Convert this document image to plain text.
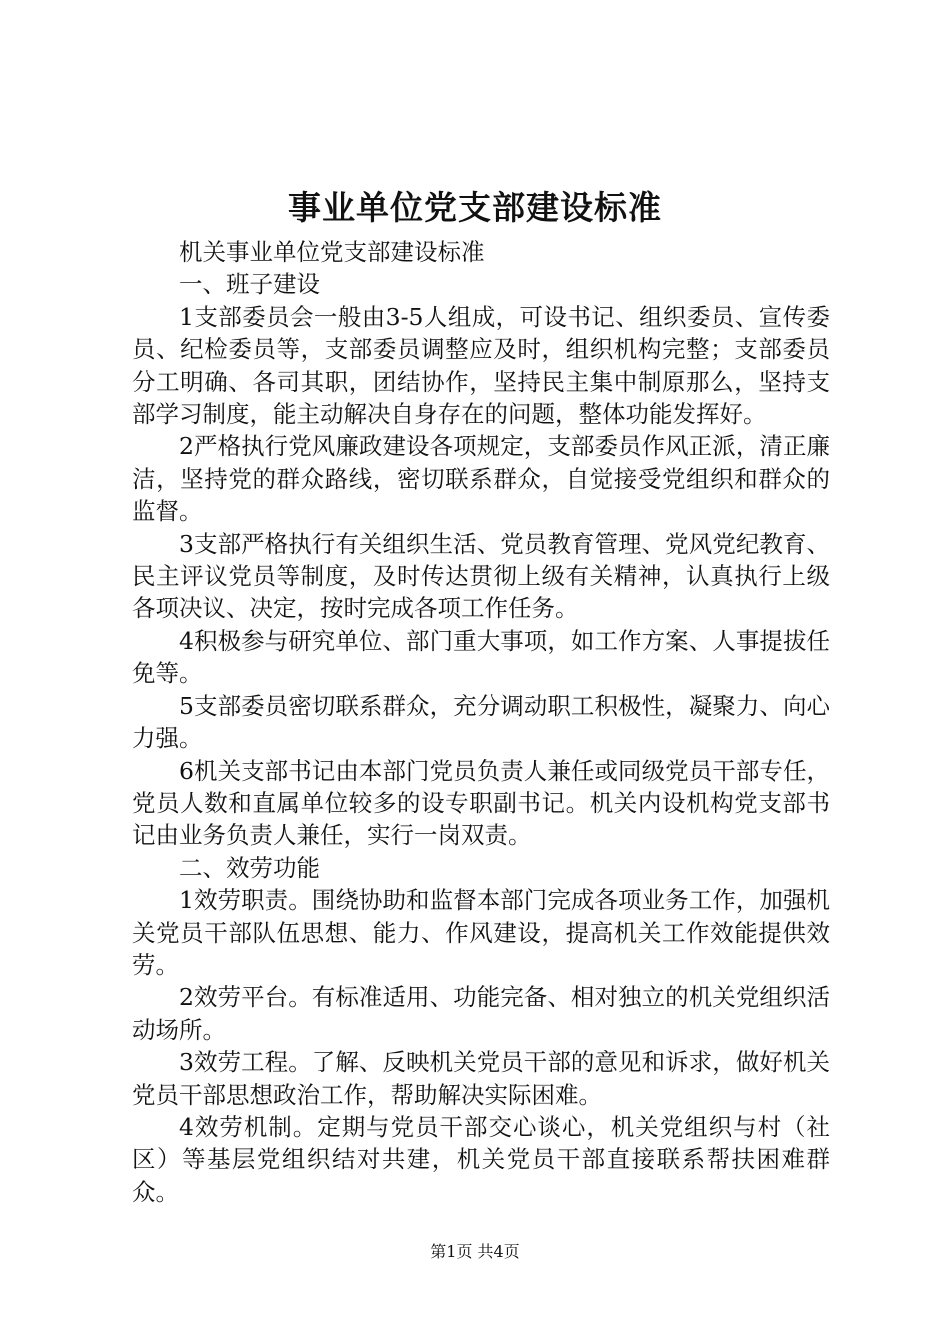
事业单位党支部建设标准

机关事业单位党支部建设标准

一、班子建设

1支部委员会一般由3-5人组成，可设书记、组织委员、宣传委员、纪检委员等，支部委员调整应及时，组织机构完整；支部委员分工明确、各司其职，团结协作，坚持民主集中制原那么，坚持支部学习制度，能主动解决自身存在的问题，整体功能发挥好。

2严格执行党风廉政建设各项规定，支部委员作风正派，清正廉洁，坚持党的群众路线，密切联系群众，自觉接受党组织和群众的监督。

3支部严格执行有关组织生活、党员教育管理、党风党纪教育、民主评议党员等制度，及时传达贯彻上级有关精神，认真执行上级各项决议、决定，按时完成各项工作任务。

4积极参与研究单位、部门重大事项，如工作方案、人事提拔任免等。

5支部委员密切联系群众，充分调动职工积极性，凝聚力、向心力强。

6机关支部书记由本部门党员负责人兼任或同级党员干部专任，党员人数和直属单位较多的设专职副书记。机关内设机构党支部书记由业务负责人兼任，实行一岗双责。

二、效劳功能

1效劳职责。围绕协助和监督本部门完成各项业务工作，加强机关党员干部队伍思想、能力、作风建设，提高机关工作效能提供效劳。

2效劳平台。有标准适用、功能完备、相对独立的机关党组织活动场所。

3效劳工程。了解、反映机关党员干部的意见和诉求，做好机关党员干部思想政治工作，帮助解决实际困难。

4效劳机制。定期与党员干部交心谈心，机关党组织与村（社区）等基层党组织结对共建，机关党员干部直接联系帮扶困难群众。

第1页 共4页
